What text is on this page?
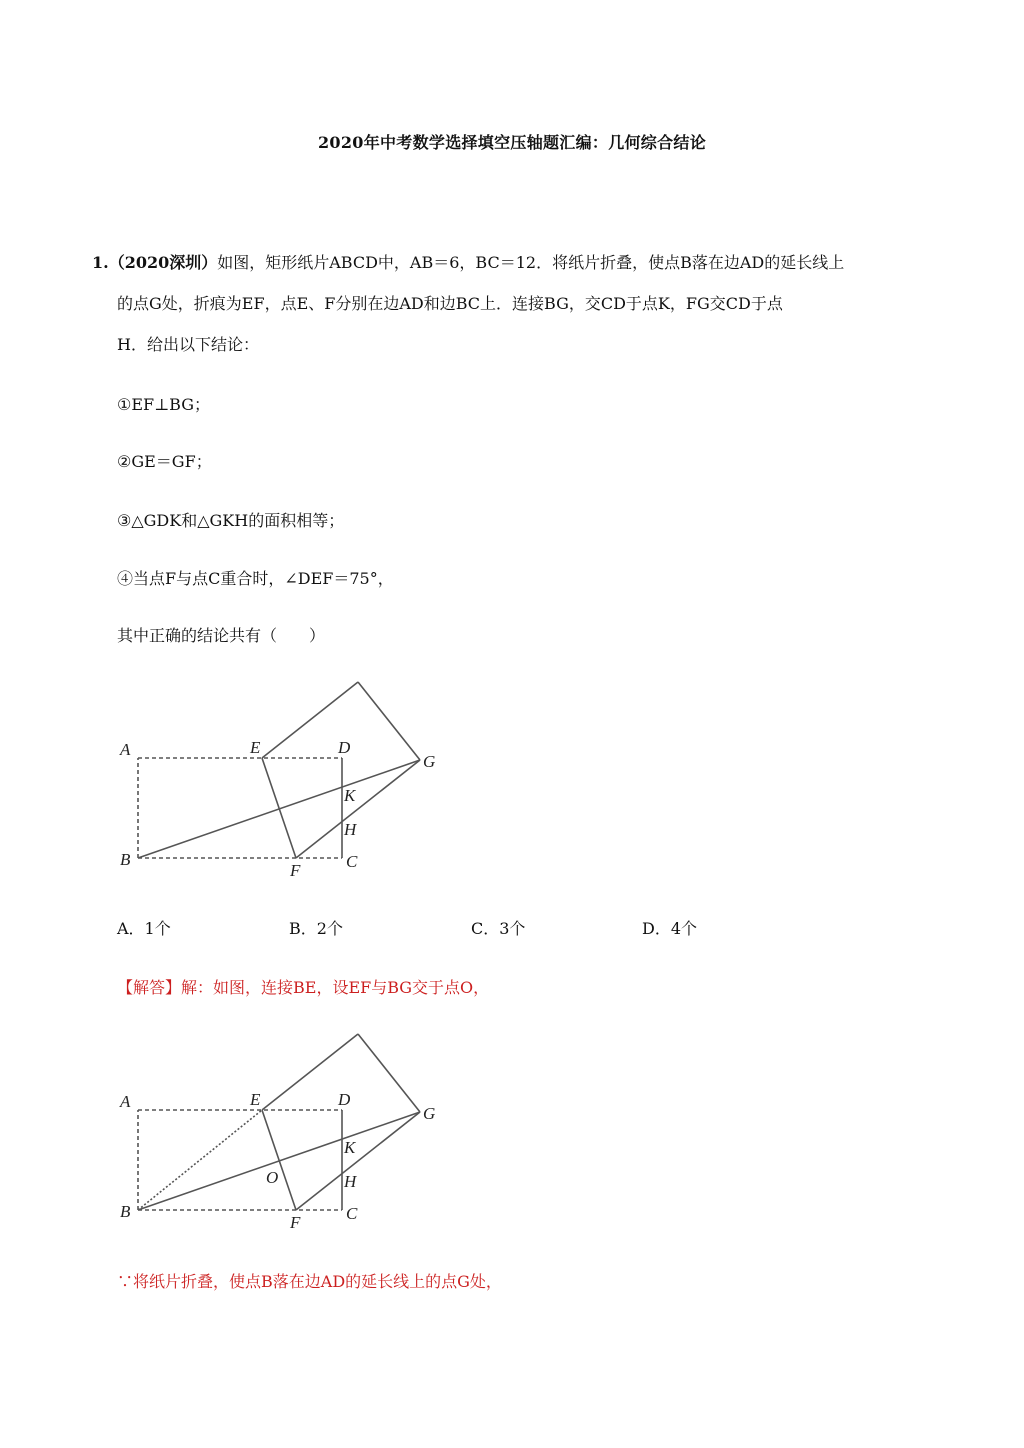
2020年中考数学选择填空压轴题汇编：几何综合结论
1.（2020深圳）如图，矩形纸片ABCD中，AB＝6，BC＝12．将纸片折叠，使点B落在边AD的延长线上
的点G处，折痕为EF，点E、F分别在边AD和边BC上．连接BG，交CD于点K，FG交CD于点
H．给出以下结论：
①EF⊥BG；
②GE＝GF；
③△GDK和△GKH的面积相等；
④当点F与点C重合时，∠DEF＝75°，
其中正确的结论共有（　　）
A	E	D
G
K
H
B
F	C
A．1个	B．2个	C．3个	D．4个
【解答】解：如图，连接BE，设EF与BG交于点O，
A	E	D
G
K
O	H
B
F	C
∵将纸片折叠，使点B落在边AD的延长线上的点G处，
